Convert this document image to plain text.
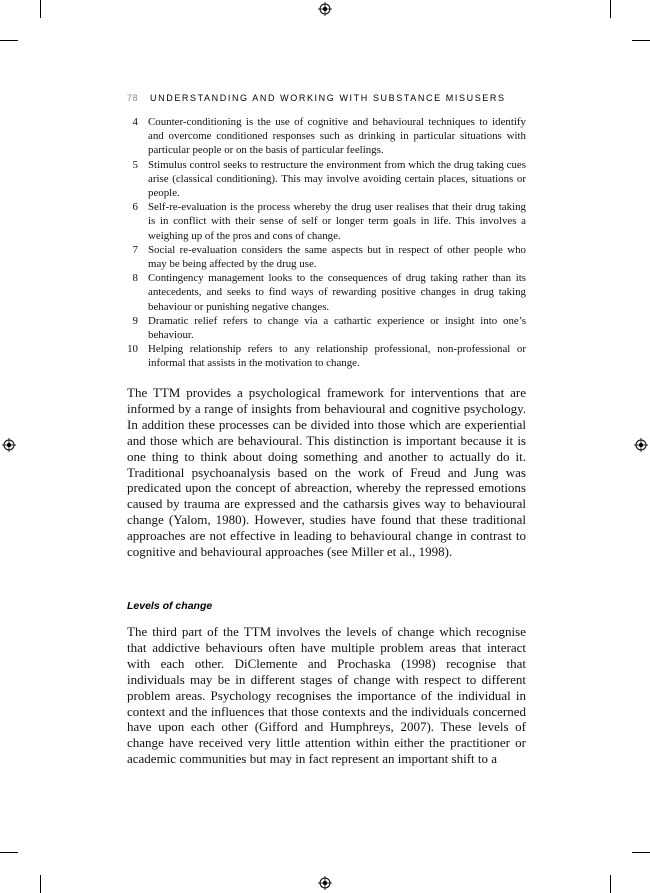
78 UNDERSTANDING AND WORKING WITH SUBSTANCE MISUSERS
4 Counter-conditioning is the use of cognitive and behavioural techniques to identify and overcome conditioned responses such as drinking in particular situations with particular people or on the basis of particular feelings.
5 Stimulus control seeks to restructure the environment from which the drug taking cues arise (classical conditioning). This may involve avoiding certain places, situations or people.
6 Self-re-evaluation is the process whereby the drug user realises that their drug taking is in conflict with their sense of self or longer term goals in life. This involves a weighing up of the pros and cons of change.
7 Social re-evaluation considers the same aspects but in respect of other people who may be being affected by the drug use.
8 Contingency management looks to the consequences of drug taking rather than its antecedents, and seeks to find ways of rewarding positive changes in drug taking behaviour or punishing negative changes.
9 Dramatic relief refers to change via a cathartic experience or insight into one’s behaviour.
10 Helping relationship refers to any relationship professional, non-professional or informal that assists in the motivation to change.

The TTM provides a psychological framework for interventions that are informed by a range of insights from behavioural and cognitive psychology. In addition these processes can be divided into those which are experiential and those which are behavioural. This distinction is important because it is one thing to think about doing something and another to actually do it. Traditional psychoanalysis based on the work of Freud and Jung was predicated upon the concept of abreaction, whereby the repressed emotions caused by trauma are expressed and the catharsis gives way to behavioural change (Yalom, 1980). However, studies have found that these traditional approaches are not effective in leading to behavioural change in contrast to cognitive and behavioural approaches (see Miller et al., 1998).

Levels of change

The third part of the TTM involves the levels of change which recognise that addictive behaviours often have multiple problem areas that interact with each other. DiClemente and Prochaska (1998) recognise that individuals may be in different stages of change with respect to different problem areas. Psychology recognises the importance of the individual in context and the influences that those contexts and the individuals concerned have upon each other (Gifford and Humphreys, 2007). These levels of change have received very little attention within either the practitioner or academic communities but may in fact represent an important shift to a
